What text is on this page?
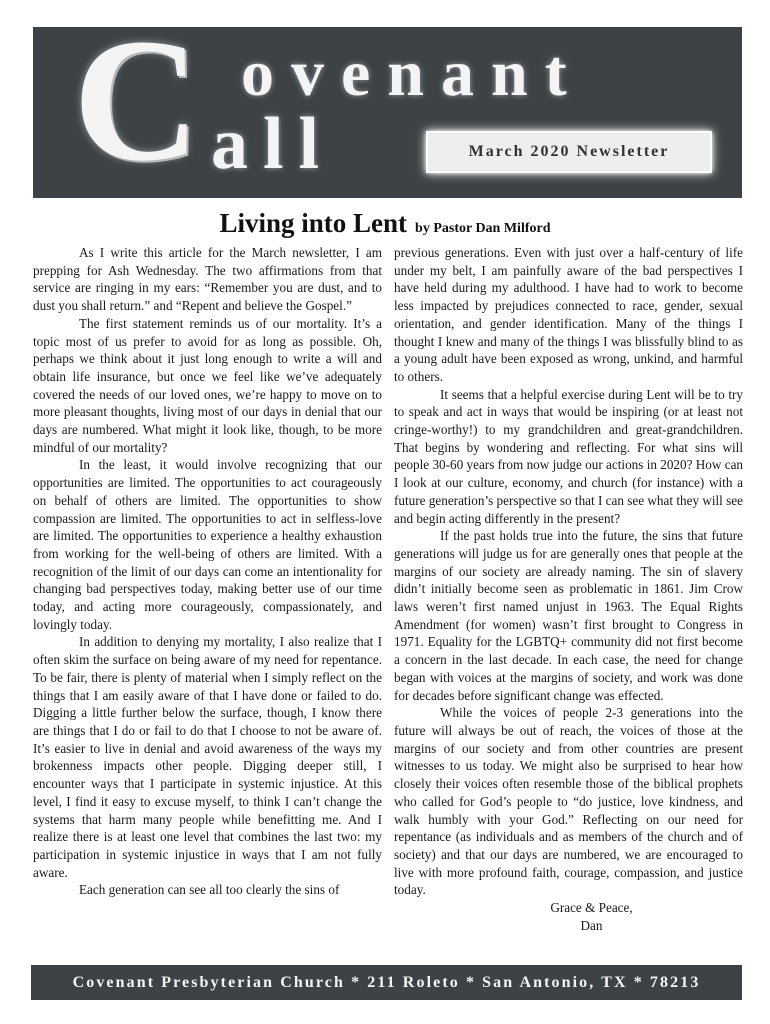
C ovenant
all	March 2020 Newsletter
Living into Lent by Pastor Dan Milford

As I write this article for the March newsletter, I am prepping for Ash Wednesday. The two affirmations from that service are ringing in my ears: “Remember you are dust, and to dust you shall return.” and “Repent and believe the Gospel.”

The first statement reminds us of our mortality. It’s a topic most of us prefer to avoid for as long as possible. Oh, perhaps we think about it just long enough to write a will and obtain life insurance, but once we feel like we’ve adequately covered the needs of our loved ones, we’re happy to move on to more pleasant thoughts, living most of our days in denial that our days are numbered. What might it look like, though, to be more mindful of our mortality?

In the least, it would involve recognizing that our opportunities are limited. The opportunities to act courageously on behalf of others are limited. The opportunities to show compassion are limited. The opportunities to act in selfless-love are limited. The opportunities to experience a healthy exhaustion from working for the well-being of others are limited. With a recognition of the limit of our days can come an intentionality for changing bad perspectives today, making better use of our time today, and acting more courageously, compassionately, and lovingly today.

In addition to denying my mortality, I also realize that I often skim the surface on being aware of my need for repentance. To be fair, there is plenty of material when I simply reflect on the things that I am easily aware of that I have done or failed to do. Digging a little further below the surface, though, I know there are things that I do or fail to do that I choose to not be aware of. It’s easier to live in denial and avoid awareness of the ways my brokenness impacts other people. Digging deeper still, I encounter ways that I participate in systemic injustice. At this level, I find it easy to excuse myself, to think I can’t change the systems that harm many people while benefitting me. And I realize there is at least one level that combines the last two: my participation in systemic injustice in ways that I am not fully aware.

Each generation can see all too clearly the sins of

previous generations. Even with just over a half-century of life under my belt, I am painfully aware of the bad perspectives I have held during my adulthood. I have had to work to become less impacted by prejudices connected to race, gender, sexual orientation, and gender identification. Many of the things I thought I knew and many of the things I was blissfully blind to as a young adult have been exposed as wrong, unkind, and harmful to others.

It seems that a helpful exercise during Lent will be to try to speak and act in ways that would be inspiring (or at least not cringe-worthy!) to my grandchildren and great-grandchildren. That begins by wondering and reflecting. For what sins will people 30-60 years from now judge our actions in 2020? How can I look at our culture, economy, and church (for instance) with a future generation’s perspective so that I can see what they will see and begin acting differently in the present?

If the past holds true into the future, the sins that future generations will judge us for are generally ones that people at the margins of our society are already naming. The sin of slavery didn’t initially become seen as problematic in 1861. Jim Crow laws weren’t first named unjust in 1963. The Equal Rights Amendment (for women) wasn’t first brought to Congress in 1971. Equality for the LGBTQ+ community did not first become a concern in the last decade. In each case, the need for change began with voices at the margins of society, and work was done for decades before significant change was effected.

While the voices of people 2-3 generations into the future will always be out of reach, the voices of those at the margins of our society and from other countries are present witnesses to us today. We might also be surprised to hear how closely their voices often resemble those of the biblical prophets who called for God’s people to “do justice, love kindness, and walk humbly with your God.” Reflecting on our need for repentance (as individuals and as members of the church and of society) and that our days are numbered, we are encouraged to live with more profound faith, courage, compassion, and justice today.

Grace & Peace,

Dan

Covenant Presbyterian Church * 211 Roleto * San Antonio, TX * 78213
